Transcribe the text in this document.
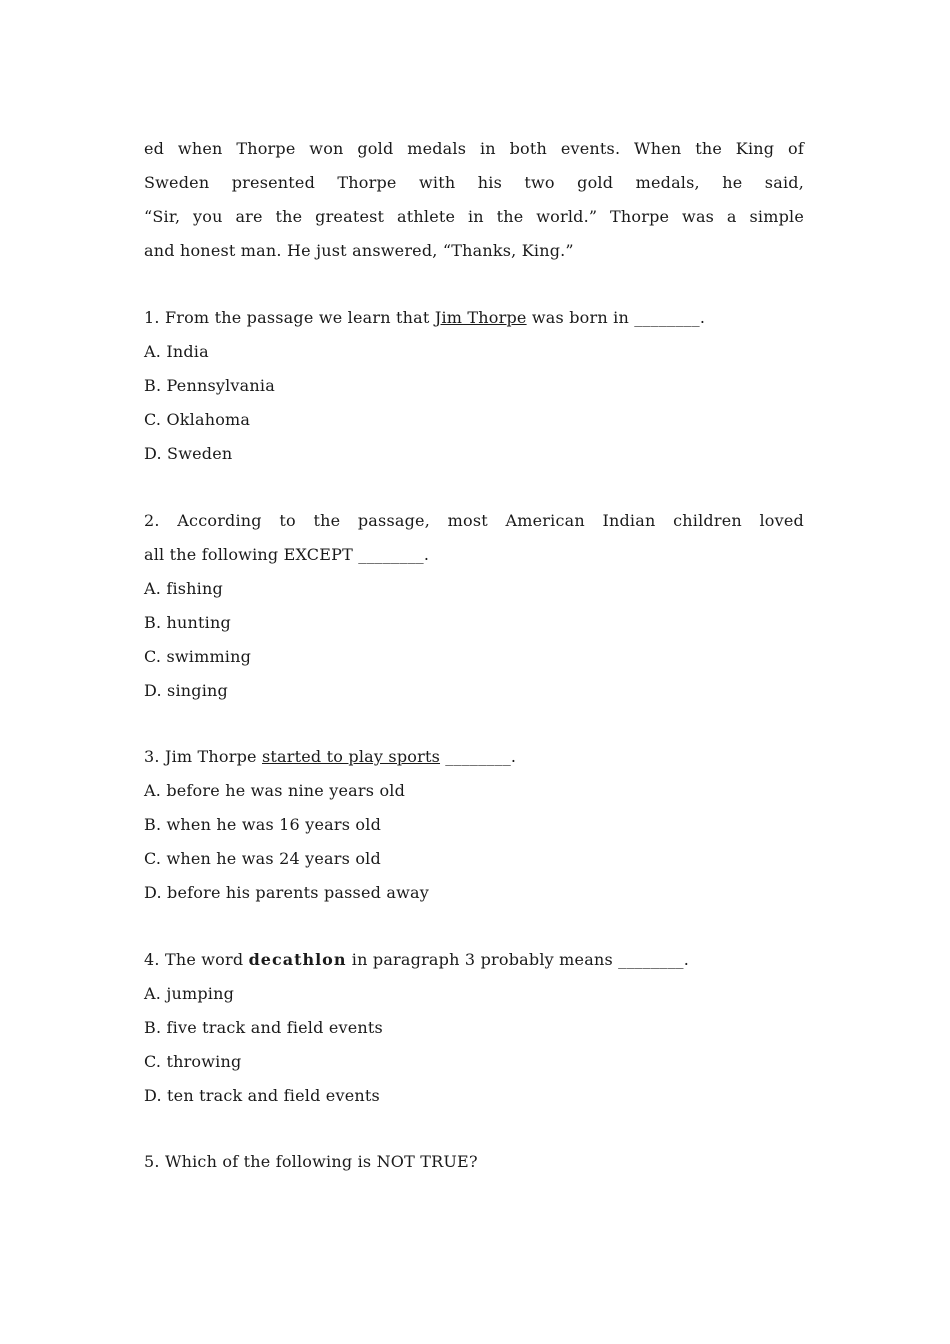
ed when Thorpe won gold medals in both events. When the King of
Sweden presented Thorpe with his two gold medals, he said,
“Sir, you are the greatest athlete in the world.” Thorpe was a simple
and honest man. He just answered, “Thanks, King.”
1. From the passage we learn that Jim Thorpe was born in ________.
A. India
B. Pennsylvania
C. Oklahoma
D. Sweden
2. According to the passage, most American Indian children loved
all the following EXCEPT ________.
A. fishing
B. hunting
C. swimming
D. singing
3. Jim Thorpe started to play sports ________.
A. before he was nine years old
B. when he was 16 years old
C. when he was 24 years old
D. before his parents passed away
4. The word decathlon in paragraph 3 probably means ________.
A. jumping
B. five track and field events
C. throwing
D. ten track and field events
5. Which of the following is NOT TRUE?
